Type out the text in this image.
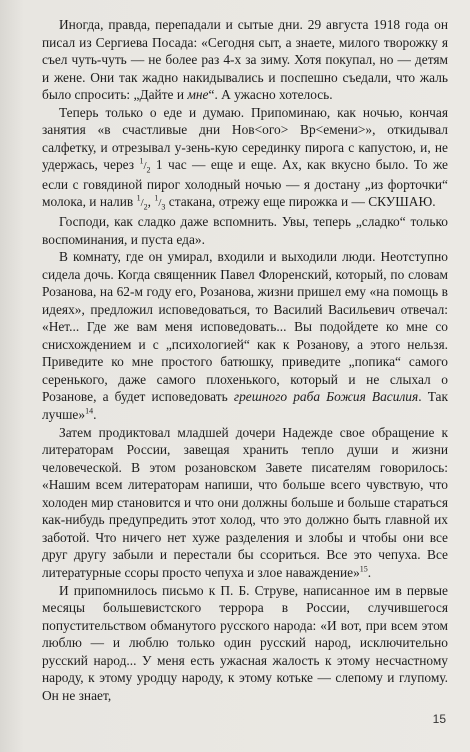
Иногда, правда, перепадали и сытые дни. 29 августа 1918 года он писал из Сергиева Посада: «Сегодня сыт, а знаете, милого творожку я съел чуть-чуть — не более раз 4-х за зиму. Хотя покупал, но — детям и жене. Они так жадно накидывались и поспешно съедали, что жаль было спросить: „Дайте и мне“. А ужасно хотелось.

Теперь только о еде и думаю. Припоминаю, как ночью, кончая занятия «в счастливые дни Нов<ого> Вр<емени>», откидывал салфетку, и отрезывал у-зень-кую серединку пирога с капустою, и, не удержась, через $^1/_2$ 1 час — еще и еще. Ах, как вкусно было. То же если с говядиной пирог холодный ночью — я достану „из форточки“ молока, и налив $^1/_2$, $^1/_3$ стакана, отрежу еще пирожка и — СКУШАЮ.

Господи, как сладко даже вспомнить. Увы, теперь „сладко“ только воспоминания, и пуста еда».

В комнату, где он умирал, входили и выходили люди. Неотступно сидела дочь. Когда священник Павел Флоренский, который, по словам Розанова, на 62-м году его, Розанова, жизни пришел ему «на помощь в идеях», предложил исповедоваться, то Василий Васильевич отвечал: «Нет... Где же вам меня исповедовать... Вы подойдете ко мне со снисхождением и с „психологией“ как к Розанову, а этого нельзя. Приведите ко мне простого батюшку, приведите „попика“ самого серенького, даже самого плохенького, который и не слыхал о Розанове, а будет исповедовать грешного раба Божия Василия. Так лучше»$^{14}$.

Затем продиктовал младшей дочери Надежде свое обращение к литераторам России, завещая хранить тепло души и жизни человеческой. В этом розановском Завете писателям говорилось: «Нашим всем литераторам напиши, что больше всего чувствую, что холоден мир становится и что они должны больше и больше стараться как-нибудь предупредить этот холод, что это должно быть главной их заботой. Что ничего нет хуже разделения и злобы и чтобы они все друг другу забыли и перестали бы ссориться. Все это чепуха. Все литературные ссоры просто чепуха и злое наваждение»$^{15}$.

И припомнилось письмо к П. Б. Струве, написанное им в первые месяцы большевистского террора в России, случившегося попустительством обманутого русского народа: «И вот, при всем этом люблю — и люблю только один русский народ, исключительно русский народ... У меня есть ужасная жалость к этому несчастному народу, к этому уродцу народу, к этому котьке — слепому и глупому. Он не знает,

15
